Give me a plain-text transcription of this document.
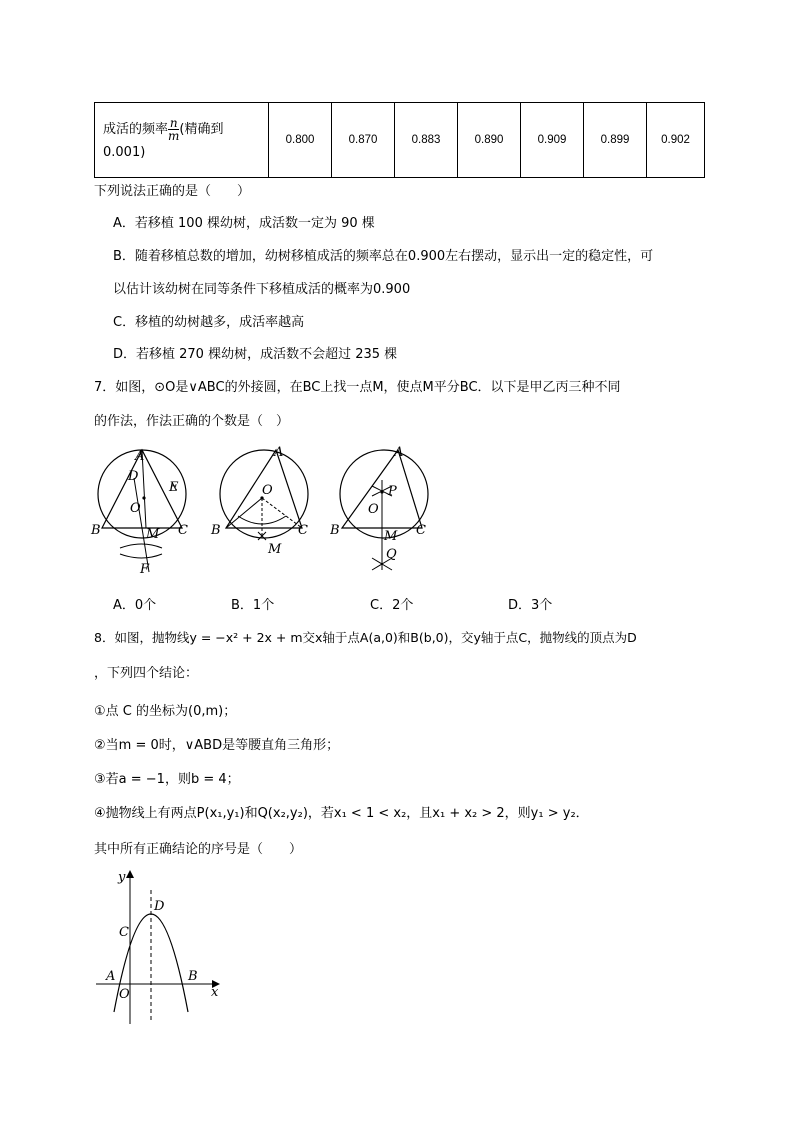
成活的频率 $\frac{n}{m}$ (精确到
0.001)	0.800	0.870	0.883	0.890	0.909	0.899	0.902
下列说法正确的是（　　）
A．若移植 100 棵幼树，成活数一定为 90 棵
B．随着移植总数的增加，幼树移植成活的频率总在0.900左右摆动，显示出一定的稳定性，可
以估计该幼树在同等条件下移植成活的概率为0.900
C．移植的幼树越多，成活率越高
D．若移植 270 棵幼树，成活数不会超过 235 棵
7．如图，⊙O是∨ABC的外接圆，在BC上找一点M，使点M平分BC．以下是甲乙丙三种不同
的作法，作法正确的个数是（　）
A
D
E
O
B	C
M
F
A
O
B	C
M
A
P
O
B	C
M
Q
A．0个	B．1个	C．2个	D．3个
8．如图，抛物线y = −x² + 2x + m交x轴于点A(a,0)和B(b,0)，交y轴于点C，抛物线的顶点为D
，下列四个结论：
①点 C 的坐标为(0,m)；
②当m = 0时，∨ABD是等腰直角三角形；
③若a = −1，则b = 4；
④抛物线上有两点P(x₁,y₁)和Q(x₂,y₂)，若x₁ < 1 < x₂，且x₁ + x₂ > 2，则y₁ > y₂．
其中所有正确结论的序号是（　　）
y
D
C
A	B
O	x
